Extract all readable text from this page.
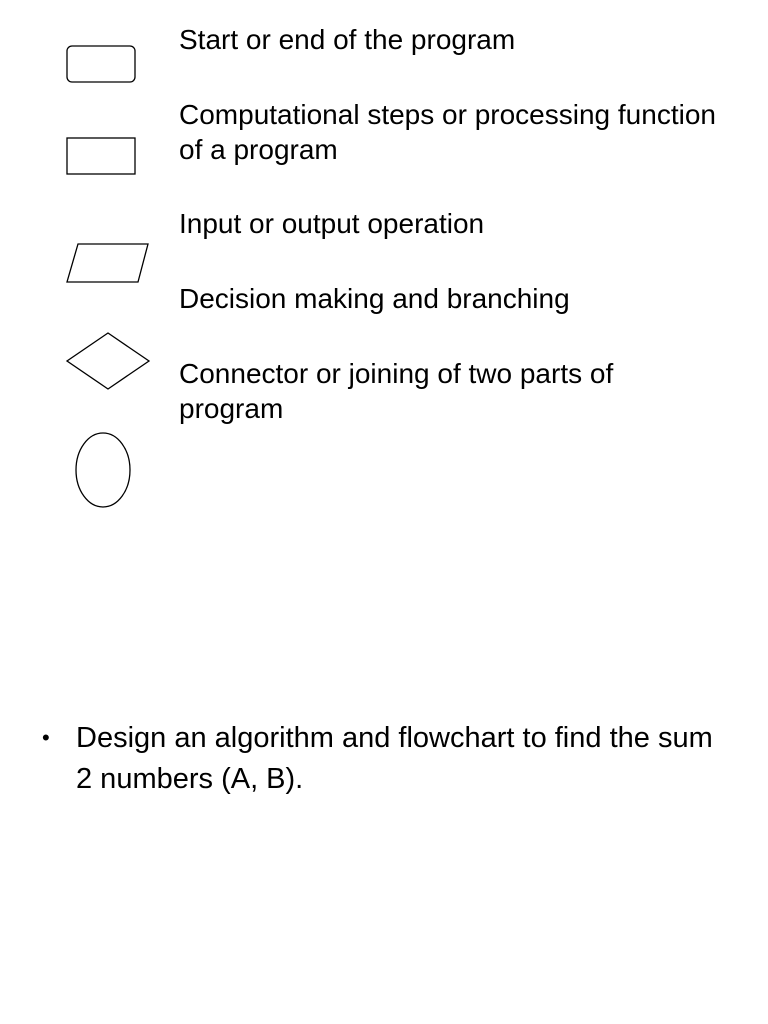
Start or end of the program
Computational steps or processing function of a program
Input or output operation
Decision making and branching
Connector or joining of two parts of program
• Design an algorithm and flowchart to find the sum 2 numbers (A, B).
